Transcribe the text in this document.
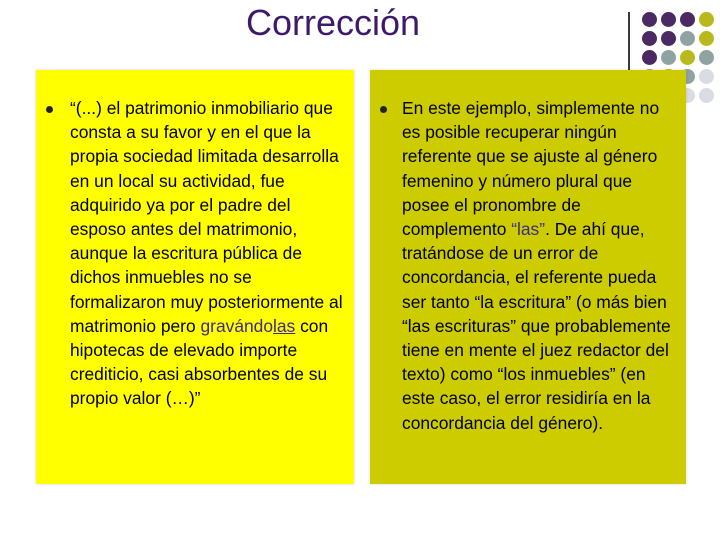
Corrección

“(...) el patrimonio inmobiliario que consta a su favor y en el que la propia sociedad limitada desarrolla en un local su actividad, fue adquirido ya por el padre del esposo antes del matrimonio, aunque la escritura pública de dichos inmuebles no se formalizaron muy posteriormente al matrimonio pero gravándolas con hipotecas de elevado importe crediticio, casi absorbentes de su propio valor (…)”

En este ejemplo, simplemente no es posible recuperar ningún referente que se ajuste al género femenino y número plural que posee el pronombre de complemento “las”. De ahí que, tratándose de un error de concordancia, el referente pueda ser tanto “la escritura” (o más bien “las escrituras” que probablemente tiene en mente el juez redactor del texto) como “los inmuebles” (en este caso, el error residiría en la concordancia del género).
